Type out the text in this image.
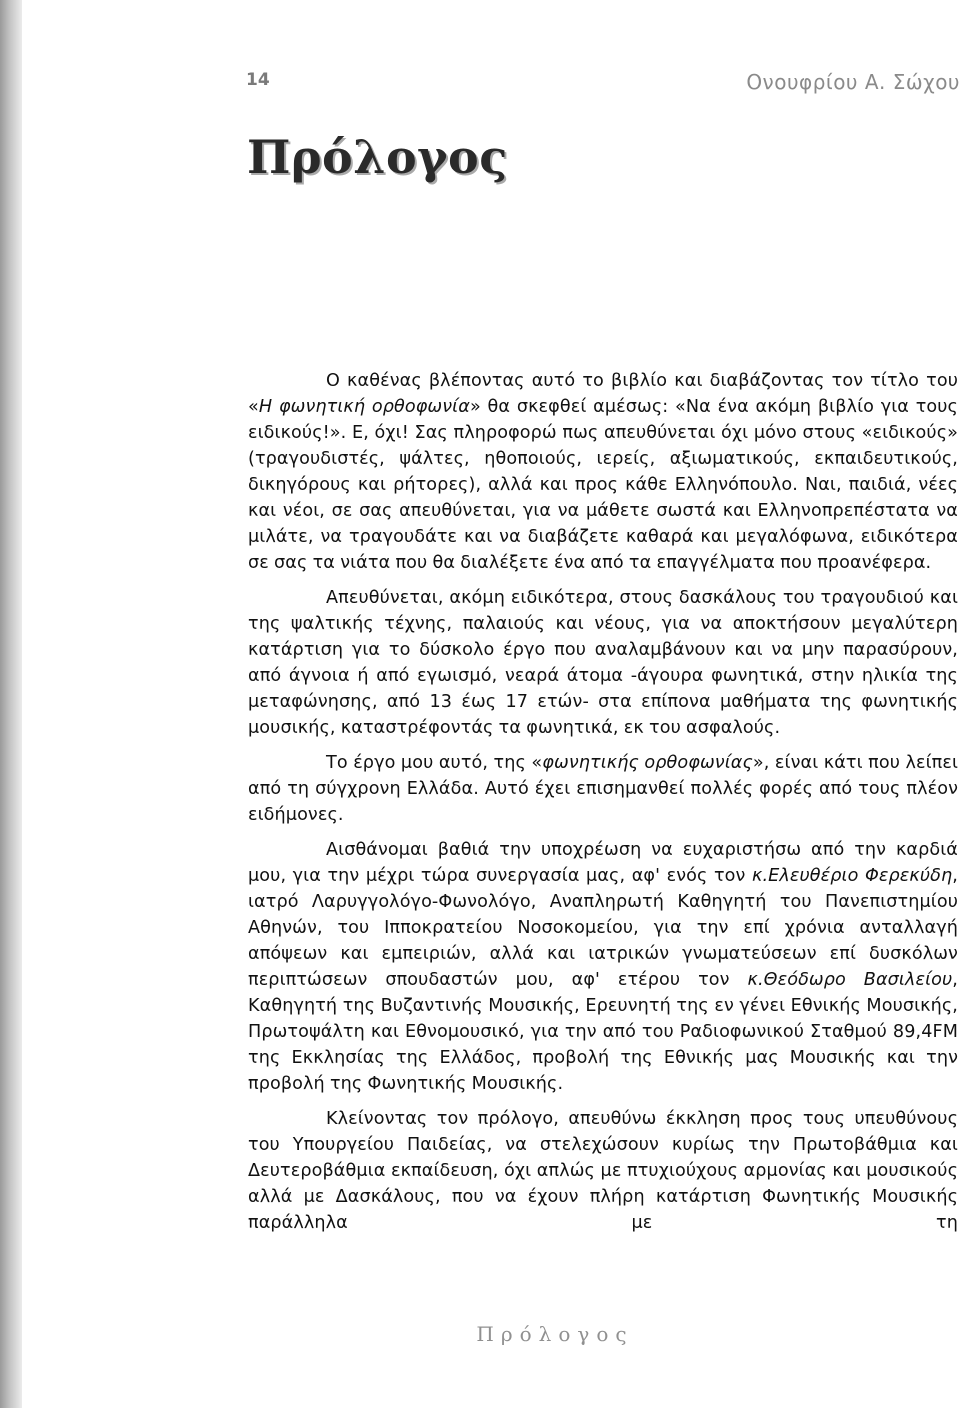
14	Ονουφρίου Α. Σώχου
Πρόλογος

Ο καθένας βλέποντας αυτό το βιβλίο και διαβάζοντας τον τίτλο του «Η φωνητική ορθοφωνία» θα σκεφθεί αμέσως: «Να ένα ακόμη βιβλίο για τους ειδικούς!». Ε, όχι! Σας πληροφορώ πως απευθύνεται όχι μόνο στους «ειδικούς» (τραγουδιστές, ψάλτες, ηθοποιούς, ιερείς, αξιωματικούς, εκπαιδευτικούς, δικηγόρους και ρήτορες), αλλά και προς κάθε Ελληνόπουλο. Ναι, παιδιά, νέες και νέοι, σε σας απευθύνεται, για να μάθετε σωστά και Ελληνοπρεπέστατα να μιλάτε, να τραγουδάτε και να διαβάζετε καθαρά και μεγαλόφωνα, ειδικότερα σε σας τα νιάτα που θα διαλέξετε ένα από τα επαγγέλματα που προανέφερα.

Απευθύνεται, ακόμη ειδικότερα, στους δασκάλους του τραγουδιού και της ψαλτικής τέχνης, παλαιούς και νέους, για να αποκτήσουν μεγαλύτερη κατάρτιση για το δύσκολο έργο που αναλαμβάνουν και να μην παρασύρουν, από άγνοια ή από εγωισμό, νεαρά άτομα -άγουρα φωνητικά, στην ηλικία της μεταφώνησης, από 13 έως 17 ετών- στα επίπονα μαθήματα της φωνητικής μουσικής, καταστρέφοντάς τα φωνητικά, εκ του ασφαλούς.

Το έργο μου αυτό, της «φωνητικής ορθοφωνίας», είναι κάτι που λείπει από τη σύγχρονη Ελλάδα. Αυτό έχει επισημανθεί πολλές φορές από τους πλέον ειδήμονες.

Αισθάνομαι βαθιά την υποχρέωση να ευχαριστήσω από την καρδιά μου, για την μέχρι τώρα συνεργασία μας, αφ' ενός τον κ.Ελευθέριο Φερεκύδη, ιατρό Λαρυγγολόγο-Φωνολόγο, Αναπληρωτή Καθηγητή του Πανεπιστημίου Αθηνών, του Ιπποκρατείου Νοσοκομείου, για την επί χρόνια ανταλλαγή απόψεων και εμπειριών, αλλά και ιατρικών γνωματεύσεων επί δυσκόλων περιπτώσεων σπουδαστών μου, αφ' ετέρου τον κ.Θεόδωρο Βασιλείου, Καθηγητή της Βυζαντινής Μουσικής, Ερευνητή της εν γένει Εθνικής Μουσικής, Πρωτοψάλτη και Εθνομουσικό, για την από του Ραδιοφωνικού Σταθμού 89,4FM της Εκκλησίας της Ελλάδος, προβολή της Εθνικής μας Μουσικής και την προβολή της Φωνητικής Μουσικής.

Κλείνοντας τον πρόλογο, απευθύνω έκκληση προς τους υπευθύνους του Υπουργείου Παιδείας, να στελεχώσουν κυρίως την Πρωτοβάθμια και Δευτεροβάθμια εκπαίδευση, όχι απλώς με πτυχιούχους αρμονίας και μουσικούς αλλά με Δασκάλους, που να έχουν πλήρη κατάρτιση Φωνητικής Μουσικής παράλληλα με τη

Πρόλογος
